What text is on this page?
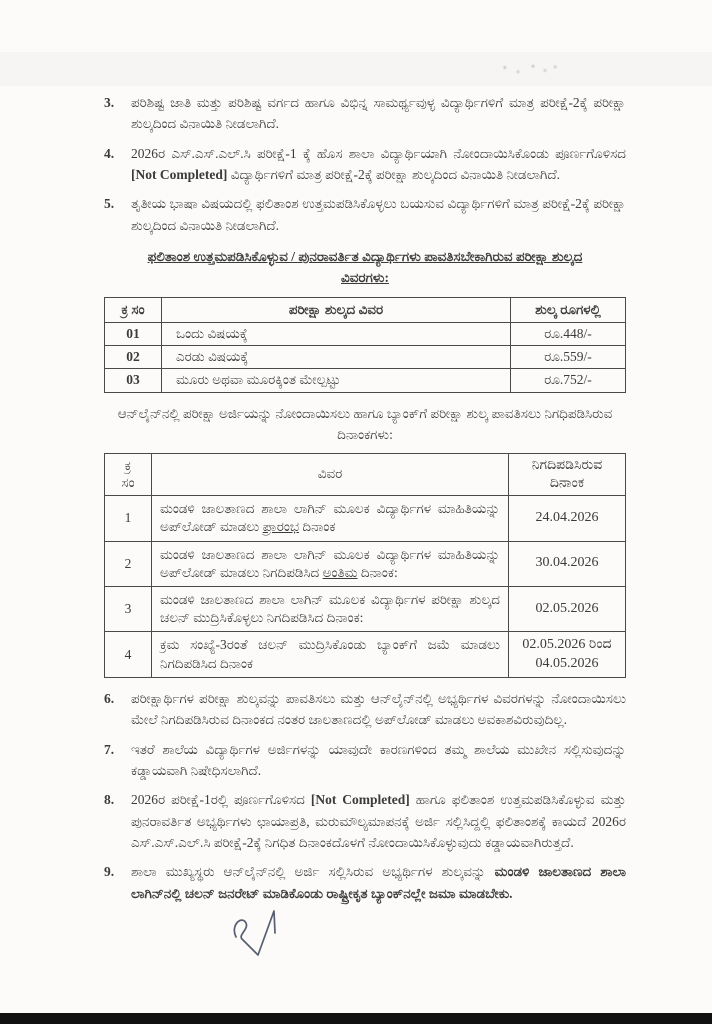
3.	ಪರಿಶಿಷ್ಟ ಜಾತಿ ಮತ್ತು ಪರಿಶಿಷ್ಟ ವರ್ಗದ ಹಾಗೂ ವಿಭಿನ್ನ ಸಾಮರ್ಥ್ಯವುಳ್ಳ ವಿದ್ಯಾರ್ಥಿಗಳಿಗೆ ಮಾತ್ರ ಪರೀಕ್ಷೆ-2ಕ್ಕೆ ಪರೀಕ್ಷಾ ಶುಲ್ಕದಿಂದ ವಿನಾಯಿತಿ ನೀಡಲಾಗಿದೆ.
4.	2026ರ ಎಸ್.ಎಸ್.ಎಲ್.ಸಿ ಪರೀಕ್ಷೆ-1 ಕ್ಕೆ ಹೊಸ ಶಾಲಾ ವಿದ್ಯಾರ್ಥಿಯಾಗಿ ನೋಂದಾಯಿಸಿಕೊಂಡು ಪೂರ್ಣಗೊಳಿಸದ [Not Completed] ವಿದ್ಯಾರ್ಥಿಗಳಿಗೆ ಮಾತ್ರ ಪರೀಕ್ಷೆ-2ಕ್ಕೆ ಪರೀಕ್ಷಾ ಶುಲ್ಕದಿಂದ ವಿನಾಯಿತಿ ನೀಡಲಾಗಿದೆ.
5.	ತೃತೀಯ ಭಾಷಾ ವಿಷಯದಲ್ಲಿ ಫಲಿತಾಂಶ ಉತ್ತಮಪಡಿಸಿಕೊಳ್ಳಲು ಬಯಸುವ ವಿದ್ಯಾರ್ಥಿಗಳಿಗೆ ಮಾತ್ರ ಪರೀಕ್ಷೆ-2ಕ್ಕೆ ಪರೀಕ್ಷಾ ಶುಲ್ಕದಿಂದ ವಿನಾಯಿತಿ ನೀಡಲಾಗಿದೆ.
ಫಲಿತಾಂಶ ಉತ್ತಮಪಡಿಸಿಕೊಳ್ಳುವ / ಪುನರಾವರ್ತಿತ ವಿದ್ಯಾರ್ಥಿಗಳು ಪಾವತಿಸಬೇಕಾಗಿರುವ ಪರೀಕ್ಷಾ ಶುಲ್ಕದ
ವಿವರಗಳು:
ಕ್ರ ಸಂ	ಪರೀಕ್ಷಾ ಶುಲ್ಕದ ವಿವರ	ಶುಲ್ಕ ರೂಗಳಲ್ಲಿ
01	ಒಂದು ವಿಷಯಕ್ಕೆ	ರೂ.448/-
02	ಎರಡು ವಿಷಯಕ್ಕೆ	ರೂ.559/-
03	ಮೂರು ಅಥವಾ ಮೂರಕ್ಕಿಂತ ಮೇಲ್ಪಟ್ಟು	ರೂ.752/-
ಆನ್‌ಲೈನ್‌ನಲ್ಲಿ ಪರೀಕ್ಷಾ ಅರ್ಜಿಯನ್ನು ನೋಂದಾಯಿಸಲು ಹಾಗೂ ಬ್ಯಾಂಕ್‌ಗೆ ಪರೀಕ್ಷಾ ಶುಲ್ಕ ಪಾವತಿಸಲು ನಿಗಧಿಪಡಿಸಿರುವ
ದಿನಾಂಕಗಳು:
ಕ್ರ
ಸಂ	ವಿವರ	ನಿಗದಿಪಡಿಸಿರುವ
ದಿನಾಂಕ
1	ಮಂಡಳಿ ಜಾಲತಾಣದ ಶಾಲಾ ಲಾಗಿನ್ ಮೂಲಕ ವಿದ್ಯಾರ್ಥಿಗಳ ಮಾಹಿತಿಯನ್ನು ಅಪ್‌ಲೋಡ್ ಮಾಡಲು ಪ್ರಾರಂಭ ದಿನಾಂಕ	24.04.2026
2	ಮಂಡಳಿ ಜಾಲತಾಣದ ಶಾಲಾ ಲಾಗಿನ್ ಮೂಲಕ ವಿದ್ಯಾರ್ಥಿಗಳ ಮಾಹಿತಿಯನ್ನು ಅಪ್‌ಲೋಡ್ ಮಾಡಲು ನಿಗದಿಪಡಿಸಿದ ಅಂತಿಮ ದಿನಾಂಕ:	30.04.2026
3	ಮಂಡಳಿ ಜಾಲತಾಣದ ಶಾಲಾ ಲಾಗಿನ್ ಮೂಲಕ ವಿದ್ಯಾರ್ಥಿಗಳ ಪರೀಕ್ಷಾ ಶುಲ್ಕದ ಚಲನ್ ಮುದ್ರಿಸಿಕೊಳ್ಳಲು ನಿಗದಿಪಡಿಸಿದ ದಿನಾಂಕ:	02.05.2026
4	ಕ್ರಮ ಸಂಖ್ಯೆ-3ರಂತೆ ಚಲನ್ ಮುದ್ರಿಸಿಕೊಂಡು ಬ್ಯಾಂಕ್‌ಗೆ ಜಮೆ ಮಾಡಲು ನಿಗದಿಪಡಿಸಿದ ದಿನಾಂಕ	02.05.2026 ರಿಂದ 04.05.2026
6.	ಪರೀಕ್ಷಾರ್ಥಿಗಳ ಪರೀಕ್ಷಾ ಶುಲ್ಕವನ್ನು ಪಾವತಿಸಲು ಮತ್ತು ಆನ್‌ಲೈನ್‌ನಲ್ಲಿ ಅಭ್ಯರ್ಥಿಗಳ ವಿವರಗಳನ್ನು ನೋಂದಾಯಿಸಲು ಮೇಲೆ ನಿಗದಿಪಡಿಸಿರುವ ದಿನಾಂಕದ ನಂತರ ಜಾಲತಾಣದಲ್ಲಿ ಅಪ್‌ಲೋಡ್ ಮಾಡಲು ಅವಕಾಶವಿರುವುದಿಲ್ಲ.
7.	ಇತರೆ ಶಾಲೆಯ ವಿದ್ಯಾರ್ಥಿಗಳ ಅರ್ಜಿಗಳನ್ನು ಯಾವುದೇ ಕಾರಣಗಳಿಂದ ತಮ್ಮ ಶಾಲೆಯ ಮುಖೇನ ಸಲ್ಲಿಸುವುದನ್ನು ಕಡ್ಡಾಯವಾಗಿ ನಿಷೇಧಿಸಲಾಗಿದೆ.
8.	2026ರ ಪರೀಕ್ಷೆ-1ರಲ್ಲಿ ಪೂರ್ಣಗೊಳಿಸದ [Not Completed] ಹಾಗೂ ಫಲಿತಾಂಶ ಉತ್ತಮಪಡಿಸಿಕೊಳ್ಳುವ ಮತ್ತು ಪುನರಾವರ್ತಿತ ಅಭ್ಯರ್ಥಿಗಳು ಛಾಯಾಪ್ರತಿ, ಮರುಮೌಲ್ಯಮಾಪನಕ್ಕೆ ಅರ್ಜಿ ಸಲ್ಲಿಸಿದ್ದಲ್ಲಿ ಫಲಿತಾಂಶಕ್ಕೆ ಕಾಯದೆ 2026ರ ಎಸ್.ಎಸ್.ಎಲ್.ಸಿ ಪರೀಕ್ಷೆ-2ಕ್ಕೆ ನಿಗಧಿತ ದಿನಾಂಕದೊಳಗೆ ನೋಂದಾಯಿಸಿಕೊಳ್ಳುವುದು ಕಡ್ಡಾಯವಾಗಿರುತ್ತದೆ.
9.	ಶಾಲಾ ಮುಖ್ಯಸ್ಥರು ಆನ್‌ಲೈನ್‌ನಲ್ಲಿ ಅರ್ಜಿ ಸಲ್ಲಿಸಿರುವ ಅಭ್ಯರ್ಥಿಗಳ ಶುಲ್ಕವನ್ನು ಮಂಡಳಿ ಜಾಲತಾಣದ ಶಾಲಾ ಲಾಗಿನ್‌ನಲ್ಲಿ ಚಲನ್ ಜನರೇಟ್ ಮಾಡಿಕೊಂಡು ರಾಷ್ಟ್ರೀಕೃತ ಬ್ಯಾಂಕ್‌ನಲ್ಲೇ ಜಮಾ ಮಾಡಬೇಕು.
